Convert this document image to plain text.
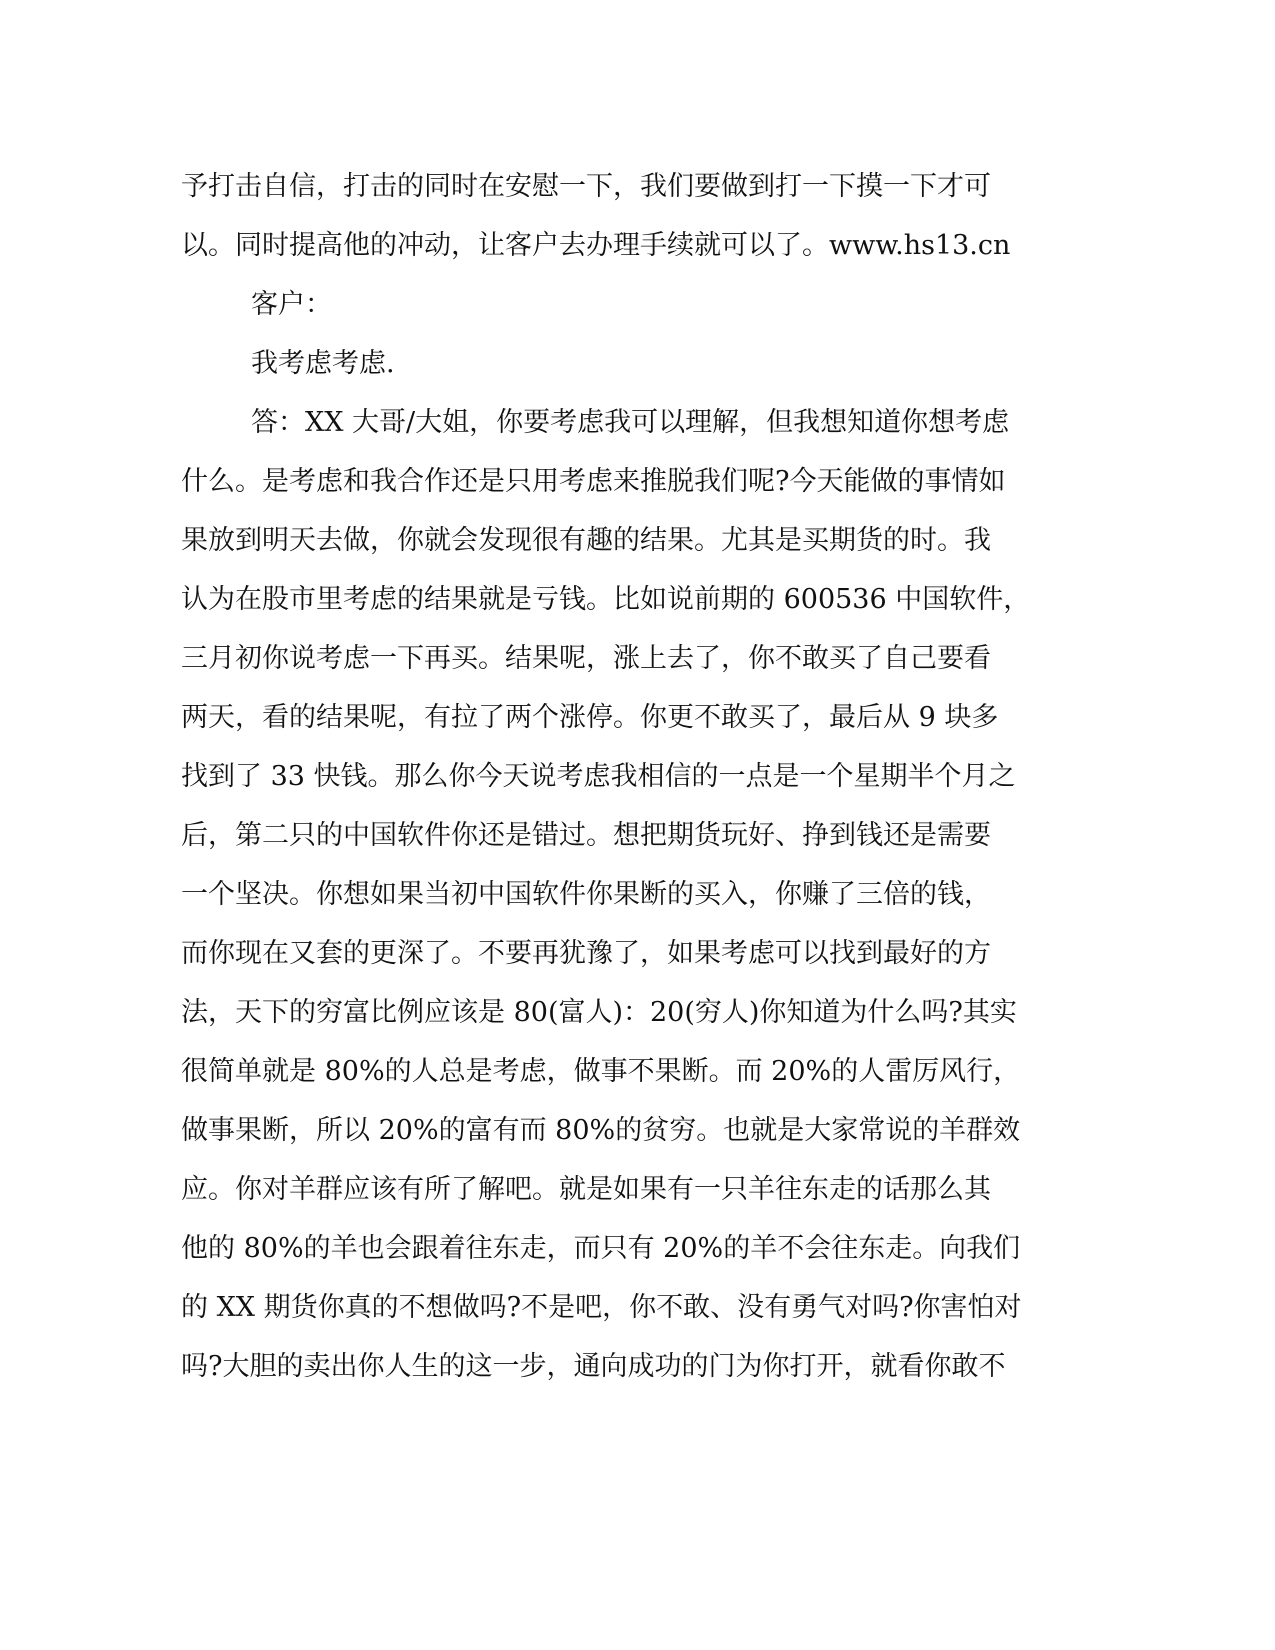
予打击自信，打击的同时在安慰一下，我们要做到打一下摸一下才可
以。同时提高他的冲动，让客户去办理手续就可以了。www.hs13.cn
客户：
我考虑考虑.
答：XX 大哥/大姐，你要考虑我可以理解，但我想知道你想考虑
什么。是考虑和我合作还是只用考虑来推脱我们呢?今天能做的事情如
果放到明天去做，你就会发现很有趣的结果。尤其是买期货的时。我
认为在股市里考虑的结果就是亏钱。比如说前期的 600536 中国软件，
三月初你说考虑一下再买。结果呢，涨上去了，你不敢买了自己要看
两天，看的结果呢，有拉了两个涨停。你更不敢买了，最后从 9 块多
找到了 33 快钱。那么你今天说考虑我相信的一点是一个星期半个月之
后，第二只的中国软件你还是错过。想把期货玩好、挣到钱还是需要
一个坚决。你想如果当初中国软件你果断的买入，你赚了三倍的钱，
而你现在又套的更深了。不要再犹豫了，如果考虑可以找到最好的方
法，天下的穷富比例应该是 80(富人)：20(穷人)你知道为什么吗?其实
很简单就是 80%的人总是考虑，做事不果断。而 20%的人雷厉风行，
做事果断，所以 20%的富有而 80%的贫穷。也就是大家常说的羊群效
应。你对羊群应该有所了解吧。就是如果有一只羊往东走的话那么其
他的 80%的羊也会跟着往东走，而只有 20%的羊不会往东走。向我们
的 XX 期货你真的不想做吗?不是吧，你不敢、没有勇气对吗?你害怕对
吗?大胆的卖出你人生的这一步，通向成功的门为你打开，就看你敢不
